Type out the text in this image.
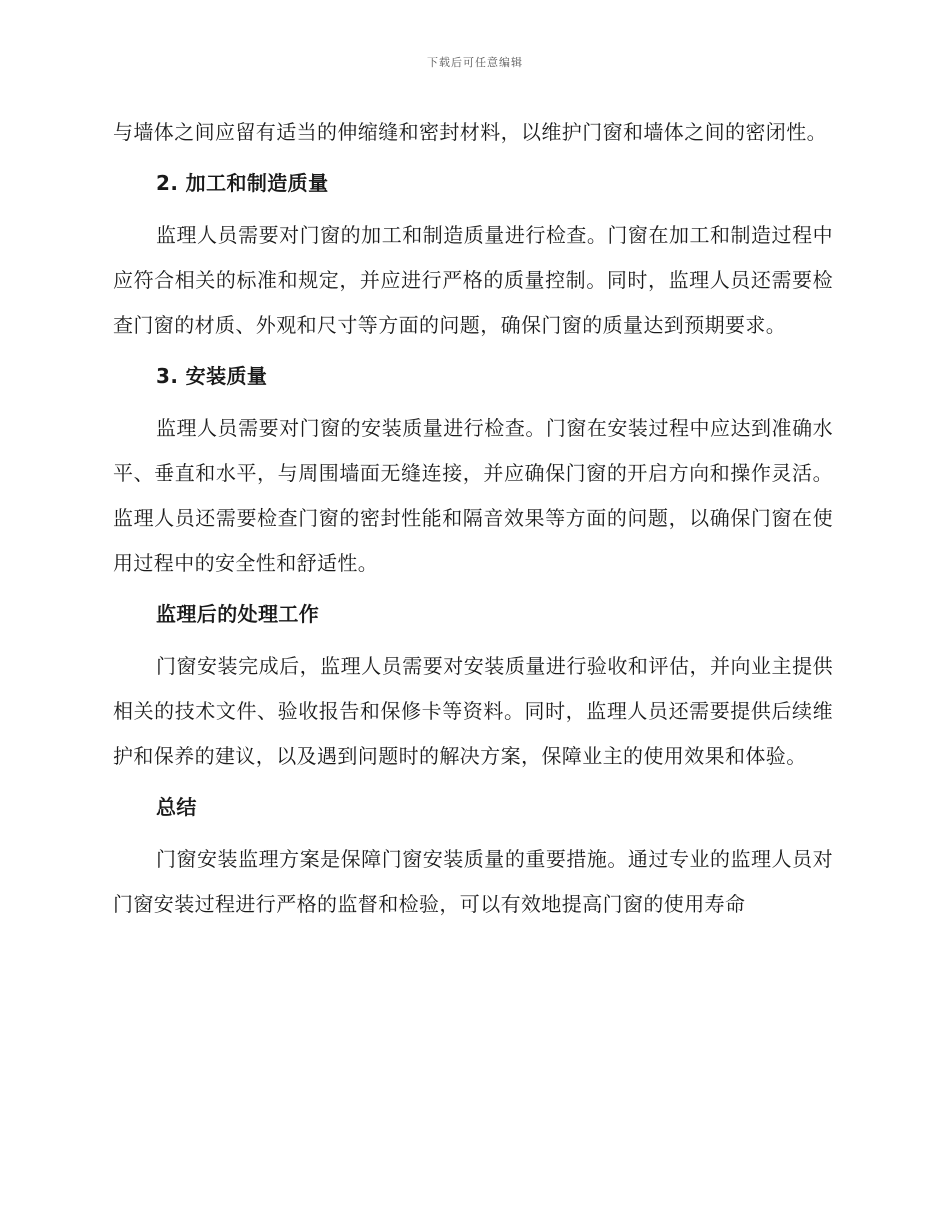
下载后可任意编辑

与墙体之间应留有适当的伸缩缝和密封材料，以维护门窗和墙体之间的密闭性。

2. 加工和制造质量

监理人员需要对门窗的加工和制造质量进行检查。门窗在加工和制造过程中应符合相关的标准和规定，并应进行严格的质量控制。同时，监理人员还需要检查门窗的材质、外观和尺寸等方面的问题，确保门窗的质量达到预期要求。

3. 安装质量

监理人员需要对门窗的安装质量进行检查。门窗在安装过程中应达到准确水平、垂直和水平，与周围墙面无缝连接，并应确保门窗的开启方向和操作灵活。监理人员还需要检查门窗的密封性能和隔音效果等方面的问题，以确保门窗在使用过程中的安全性和舒适性。

监理后的处理工作

门窗安装完成后，监理人员需要对安装质量进行验收和评估，并向业主提供相关的技术文件、验收报告和保修卡等资料。同时，监理人员还需要提供后续维护和保养的建议，以及遇到问题时的解决方案，保障业主的使用效果和体验。

总结

门窗安装监理方案是保障门窗安装质量的重要措施。通过专业的监理人员对门窗安装过程进行严格的监督和检验，可以有效地提高门窗的使用寿命
